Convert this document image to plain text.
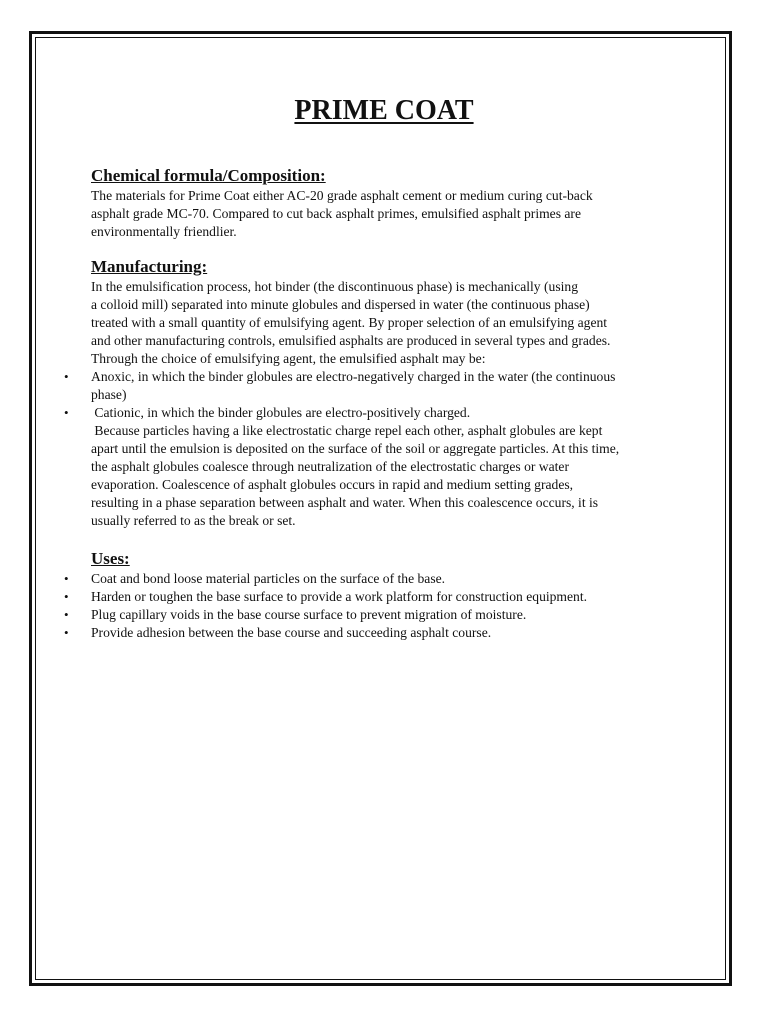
PRIME COAT
Chemical formula/Composition:

The materials for Prime Coat either AC-20 grade asphalt cement or medium curing cut-back
asphalt grade MC-70. Compared to cut back asphalt primes, emulsified asphalt primes are
environmentally friendlier.

Manufacturing:

In the emulsification process, hot binder (the discontinuous phase) is mechanically (using
a colloid mill) separated into minute globules and dispersed in water (the continuous phase)
treated with a small quantity of emulsifying agent. By proper selection of an emulsifying agent
and other manufacturing controls, emulsified asphalts are produced in several types and grades.
Through the choice of emulsifying agent, the emulsified asphalt may be:

• Anoxic, in which the binder globules are electro-negatively charged in the water (the continuous
phase)
• Cationic, in which the binder globules are electro-positively charged.

Because particles having a like electrostatic charge repel each other, asphalt globules are kept
apart until the emulsion is deposited on the surface of the soil or aggregate particles. At this time,
the asphalt globules coalesce through neutralization of the electrostatic charges or water
evaporation. Coalescence of asphalt globules occurs in rapid and medium setting grades,
resulting in a phase separation between asphalt and water. When this coalescence occurs, it is
usually referred to as the break or set.

Uses:
• Coat and bond loose material particles on the surface of the base.
• Harden or toughen the base surface to provide a work platform for construction equipment.
• Plug capillary voids in the base course surface to prevent migration of moisture.
• Provide adhesion between the base course and succeeding asphalt course.
